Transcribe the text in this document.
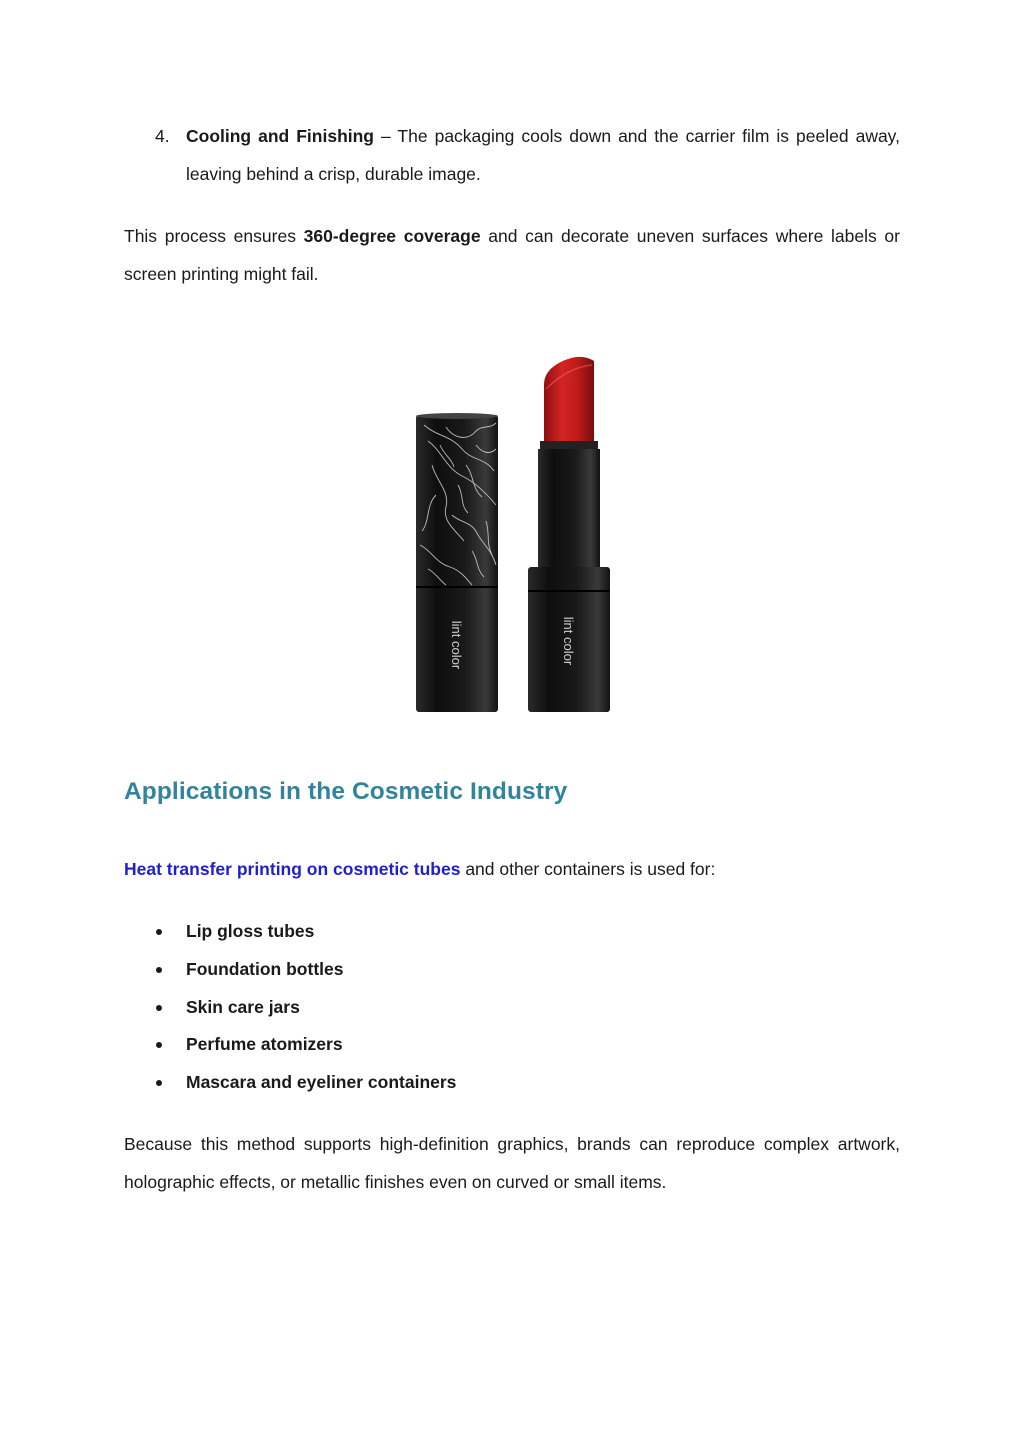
4. Cooling and Finishing – The packaging cools down and the carrier film is peeled away, leaving behind a crisp, durable image.

This process ensures 360-degree coverage and can decorate uneven surfaces where labels or screen printing might fail.

lint color	lint color
Applications in the Cosmetic Industry

Heat transfer printing on cosmetic tubes and other containers is used for:

Lip gloss tubes
Foundation bottles
Skin care jars
Perfume atomizers
Mascara and eyeliner containers

Because this method supports high-definition graphics, brands can reproduce complex artwork, holographic effects, or metallic finishes even on curved or small items.
